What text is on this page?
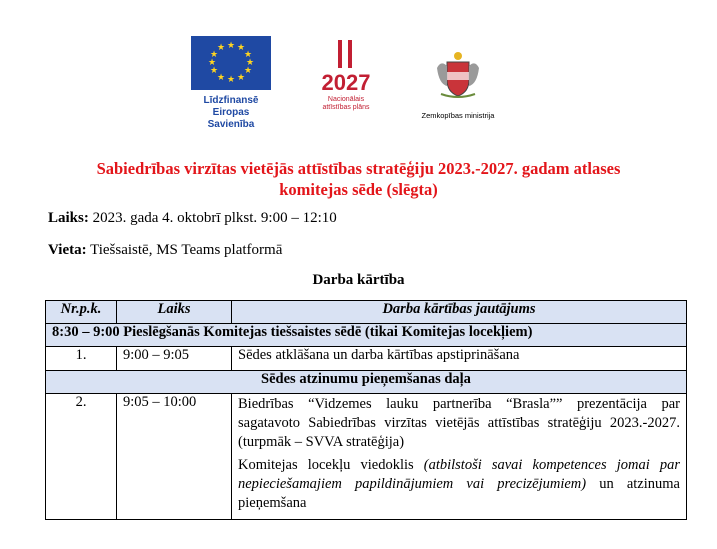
★ ★
★
★
★
★
★
★
★
★
★
★
Līdzfinansē
Eiropas Savienība
2027
Nacionālais
attīstības plāns
Zemkopības ministrija
Sabiedrības virzītas vietējās attīstības stratēģiju 2023.-2027. gadam atlases
komitejas sēde (slēgta)
Laiks: 2023. gada 4. oktobrī plkst. 9:00 – 12:10
Vieta: Tiešsaistē, MS Teams platformā
Darba kārtība
Nr.p.k.	Laiks	Darba kārtības jautājums
8:30 – 9:00 Pieslēgšanās Komitejas tiešsaistes sēdē (tikai Komitejas locekļiem)		
1.	9:00 – 9:05	Sēdes atklāšana un darba kārtības apstiprināšana
Sēdes atzinumu pieņemšanas daļa		
2.	9:05 – 10:00	Biedrības “Vidzemes lauku partnerība “Brasla”” prezentācija par sagatavoto Sabiedrības virzītas vietējās attīstības stratēģiju 2023.-2027. (turpmāk – SVVA stratēģija)

Komitejas locekļu viedoklis (atbilstoši savai kompetences jomai par nepieciešamajiem papildinājumiem vai precizējumiem) un atzinuma pieņemšana
